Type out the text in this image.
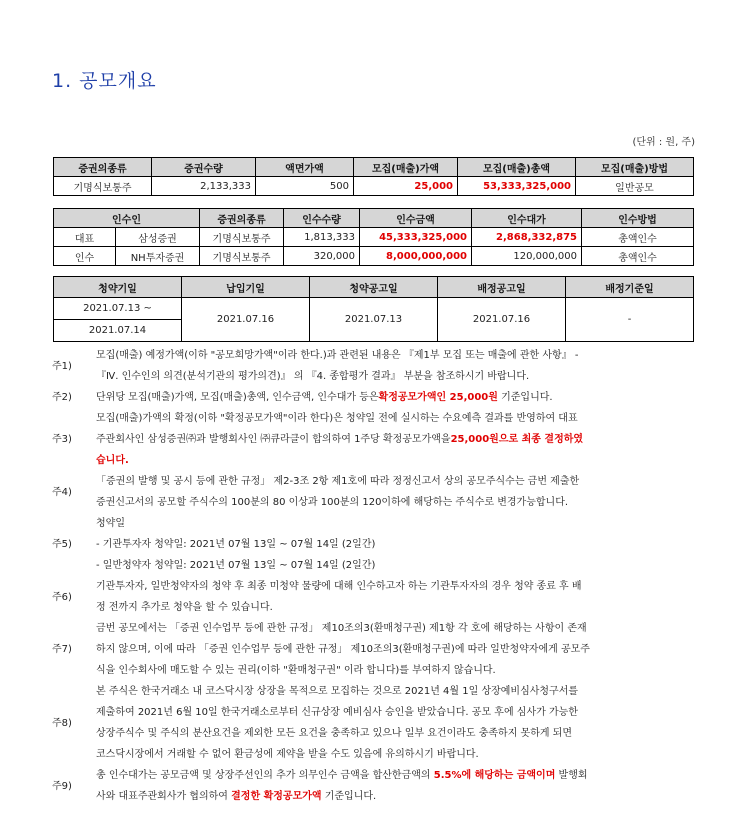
1. 공모개요
(단위 : 원, 주)
증권의종류	증권수량	액면가액	모집(매출)가액	모집(매출)총액	모집(매출)방법
기명식보통주	2,133,333	500	25,000	53,333,325,000	일반공모
인수인		증권의종류	인수수량	인수금액	인수대가	인수방법
대표	삼성증권	기명식보통주	1,813,333	45,333,325,000	2,868,332,875	총액인수
인수	NH투자증권	기명식보통주	320,000	8,000,000,000	120,000,000	총액인수
청약기일	납입기일	청약공고일	배정공고일	배정기준일
2021.07.13 ~	2021.07.16	2021.07.13	2021.07.16	-
2021.07.14				
주1)
모집(매출) 예정가액(이하 "공모희망가액"이라 한다.)과 관련된 내용은 『제1부 모집 또는 매출에 관한 사항』 -
『Ⅳ. 인수인의 의견(분석기관의 평가의견)』 의 『4. 종합평가 결과』 부분을 참조하시기 바랍니다.
주2)	단위당 모집(매출)가액, 모집(매출)총액, 인수금액, 인수대가 등은확정공모가액인 25,000원 기준입니다.
주3)
모집(매출)가액의 확정(이하 "확정공모가액"이라 한다)은 청약일 전에 실시하는 수요예측 결과를 반영하여 대표
주관회사인 삼성증권㈜과 발행회사인 ㈜큐라클이 합의하여 1주당 확정공모가액을25,000원으로 최종 결정하였
습니다.
주4)
「증권의 발행 및 공시 등에 관한 규정」 제2-3조 2항 제1호에 따라 정정신고서 상의 공모주식수는 금번 제출한
증권신고서의 공모할 주식수의 100분의 80 이상과 100분의 120이하에 해당하는 주식수로 변경가능합니다.
주5)
청약일
- 기관투자자 청약일: 2021년 07월 13일 ~ 07월 14일 (2일간)
- 일반청약자 청약일: 2021년 07월 13일 ~ 07월 14일 (2일간)
주6)
기관투자자, 일반청약자의 청약 후 최종 미청약 물량에 대해 인수하고자 하는 기관투자자의 경우 청약 종료 후 배
정 전까지 추가로 청약을 할 수 있습니다.
주7)
금번 공모에서는 「증권 인수업무 등에 관한 규정」 제10조의3(환매청구권) 제1항 각 호에 해당하는 사항이 존재
하지 않으며, 이에 따라 「증권 인수업무 등에 관한 규정」 제10조의3(환매청구권)에 따라 일반청약자에게 공모주
식을 인수회사에 매도할 수 있는 권리(이하 "환매청구권" 이라 합니다)를 부여하지 않습니다.
주8)
본 주식은 한국거래소 내 코스닥시장 상장을 목적으로 모집하는 것으로 2021년 4월 1일 상장예비심사청구서를
제출하여 2021년 6월 10일 한국거래소로부터 신규상장 예비심사 승인을 받았습니다. 공모 후에 심사가 가능한
상장주식수 및 주식의 분산요건을 제외한 모든 요건을 충족하고 있으나 일부 요건이라도 충족하지 못하게 되면
코스닥시장에서 거래할 수 없어 환금성에 제약을 받을 수도 있음에 유의하시기 바랍니다.
주9)
총 인수대가는 공모금액 및 상장주선인의 추가 의무인수 금액을 합산한금액의 5.5%에 해당하는 금액이며 발행회
사와 대표주관회사가 협의하여 결정한 확정공모가액 기준입니다.
